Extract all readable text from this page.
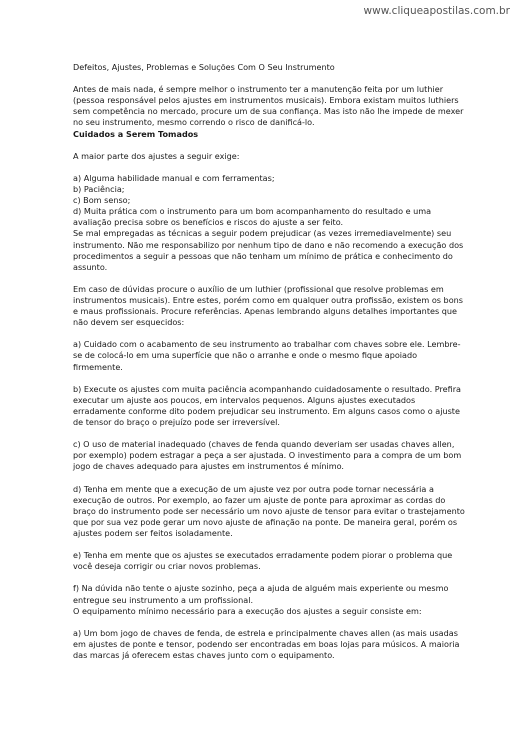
www.cliqueapostilas.com.br

Defeitos, Ajustes, Problemas e Soluções Com O Seu Instrumento

Antes de mais nada, é sempre melhor o instrumento ter a manutenção feita por um luthier (pessoa responsável pelos ajustes em instrumentos musicais). Embora existam muitos luthiers sem competência no mercado, procure um de sua confiança. Mas isto não lhe impede de mexer no seu instrumento, mesmo correndo o risco de danificá-lo.

Cuidados a Serem Tomados

A maior parte dos ajustes a seguir exige:

a) Alguma habilidade manual e com ferramentas;

b) Paciência;

c) Bom senso;

d) Muita prática com o instrumento para um bom acompanhamento do resultado e uma avaliação precisa sobre os benefícios e riscos do ajuste a ser feito.

Se mal empregadas as técnicas a seguir podem prejudicar (as vezes irremediavelmente) seu instrumento. Não me responsabilizo por nenhum tipo de dano e não recomendo a execução dos procedimentos a seguir a pessoas que não tenham um mínimo de prática e conhecimento do assunto.

Em caso de dúvidas procure o auxílio de um luthier (profissional que resolve problemas em instrumentos musicais). Entre estes, porém como em qualquer outra profissão, existem os bons e maus profissionais. Procure referências. Apenas lembrando alguns detalhes importantes que não devem ser esquecidos:

a) Cuidado com o acabamento de seu instrumento ao trabalhar com chaves sobre ele. Lembre-se de colocá-lo em uma superfície que não o arranhe e onde o mesmo fique apoiado firmemente.

b) Execute os ajustes com muita paciência acompanhando cuidadosamente o resultado. Prefira executar um ajuste aos poucos, em intervalos pequenos. Alguns ajustes executados erradamente conforme dito podem prejudicar seu instrumento. Em alguns casos como o ajuste de tensor do braço o prejuízo pode ser irreversível.

c) O uso de material inadequado (chaves de fenda quando deveriam ser usadas chaves allen, por exemplo) podem estragar a peça a ser ajustada. O investimento para a compra de um bom jogo de chaves adequado para ajustes em instrumentos é mínimo.

d) Tenha em mente que a execução de um ajuste vez por outra pode tornar necessária a execução de outros. Por exemplo, ao fazer um ajuste de ponte para aproximar as cordas do braço do instrumento pode ser necessário um novo ajuste de tensor para evitar o trastejamento que por sua vez pode gerar um novo ajuste de afinação na ponte. De maneira geral, porém os ajustes podem ser feitos isoladamente.

e) Tenha em mente que os ajustes se executados erradamente podem piorar o problema que você deseja corrigir ou criar novos problemas.

f) Na dúvida não tente o ajuste sozinho, peça a ajuda de alguém mais experiente ou mesmo entregue seu instrumento a um profissional.

O equipamento mínimo necessário para a execução dos ajustes a seguir consiste em:

a) Um bom jogo de chaves de fenda, de estrela e principalmente chaves allen (as mais usadas em ajustes de ponte e tensor, podendo ser encontradas em boas lojas para músicos. A maioria das marcas já oferecem estas chaves junto com o equipamento.
